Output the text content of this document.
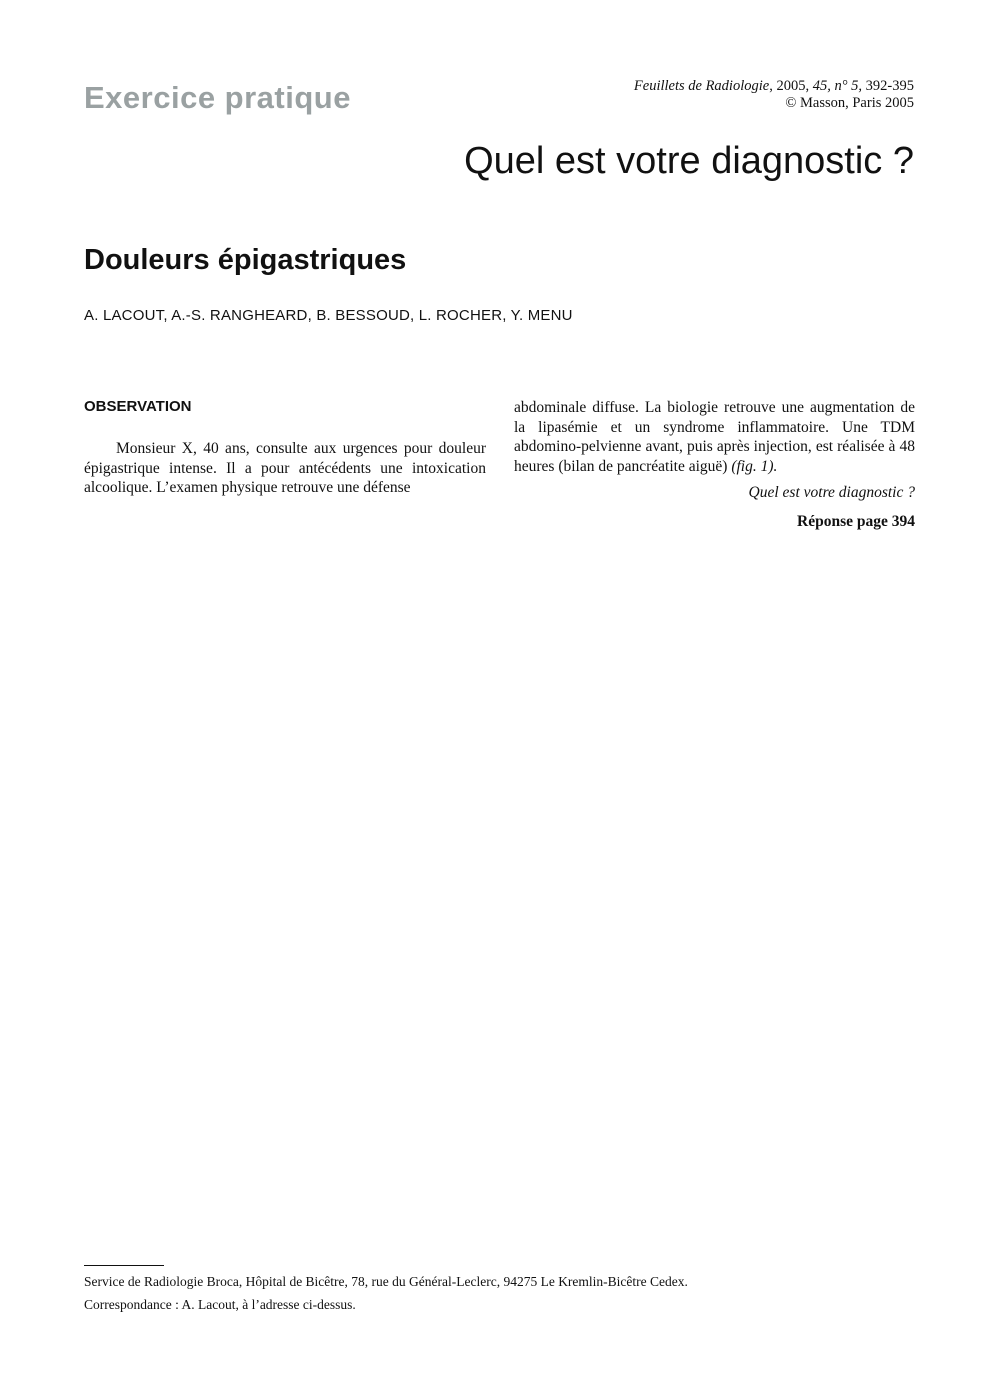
Exercice pratique	Feuillets de Radiologie, 2005, 45, n° 5, 392-395
© Masson, Paris 2005
Quel est votre diagnostic ?
Douleurs épigastriques
A. LACOUT, A.-S. RANGHEARD, B. BESSOUD, L. ROCHER, Y. MENU
OBSERVATION

Monsieur X, 40 ans, consulte aux urgences pour douleur épigastrique intense. Il a pour antécédents une intoxication alcoolique. L’examen physique retrouve une défense

abdominale diffuse. La biologie retrouve une augmentation de la lipasémie et un syndrome inflammatoire. Une TDM abdomino-pelvienne avant, puis après injection, est réalisée à 48 heures (bilan de pancréatite aiguë) (fig. 1).

Quel est votre diagnostic ?
Réponse page 394
Service de Radiologie Broca, Hôpital de Bicêtre, 78, rue du Général-Leclerc, 94275 Le Kremlin-Bicêtre Cedex.
Correspondance : A. Lacout, à l’adresse ci-dessus.
